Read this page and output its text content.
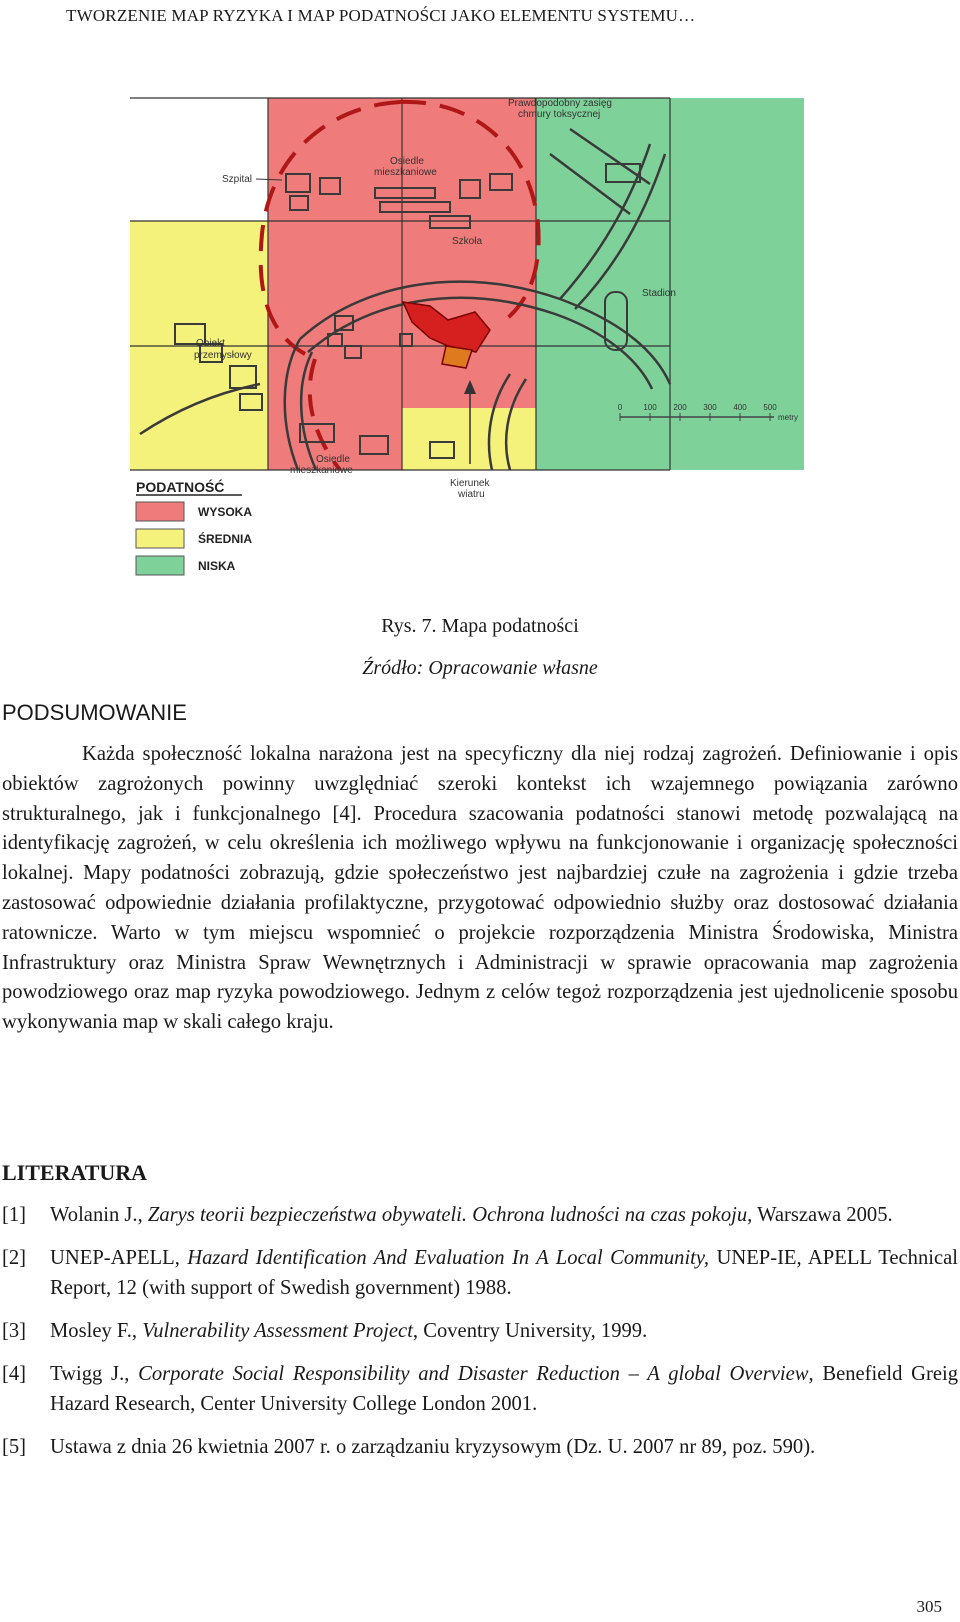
TWORZENIE MAP RYZYKA I MAP PODATNOŚCI JAKO ELEMENTU SYSTEMU…
Szpital
Osiedle
mieszkaniowe
Szkoła
Prawdopodobny zasięg
chmury toksycznej
Stadion
Obiekt
przemysłowy
Osiedle
mieszkaniowe
Kierunek
wiatru
0	100 200 300 400 500
metry
PODATNOŚĆ
WYSOKA
ŚREDNIA
NISKA
Rys. 7. Mapa podatności
Źródło: Opracowanie własne
PODSUMOWANIE

Każda społeczność lokalna narażona jest na specyficzny dla niej rodzaj zagrożeń. Definiowanie i opis obiektów zagrożonych powinny uwzględniać szeroki kontekst ich wzajemnego powiązania zarówno strukturalnego, jak i funkcjonalnego [4]. Procedura szacowania podatności stanowi metodę pozwalającą na identyfikację zagrożeń, w celu określenia ich możliwego wpływu na funkcjonowanie i organizację społeczności lokalnej. Mapy podatności zobrazują, gdzie społeczeństwo jest najbardziej czułe na zagrożenia i gdzie trzeba zastosować odpowiednie działania profilaktyczne, przygotować odpowiednio służby oraz dostosować działania ratownicze. Warto w tym miejscu wspomnieć o projekcie rozporządzenia Ministra Środowiska, Ministra Infrastruktury oraz Ministra Spraw Wewnętrznych i Administracji w sprawie opracowania map zagrożenia powodziowego oraz map ryzyka powodziowego. Jednym z celów tegoż rozporządzenia jest ujednolicenie sposobu wykonywania map w skali całego kraju.

LITERATURA
[1] Wolanin J., Zarys teorii bezpieczeństwa obywateli. Ochrona ludności na czas pokoju, Warszawa 2005.
[2] UNEP-APELL, Hazard Identification And Evaluation In A Local Community, UNEP-IE, APELL Technical Report, 12 (with support of Swedish government) 1988.
[3] Mosley F., Vulnerability Assessment Project, Coventry University, 1999.
[4] Twigg J., Corporate Social Responsibility and Disaster Reduction – A global Overview, Benefield Greig Hazard Research, Center University College London 2001.
[5] Ustawa z dnia 26 kwietnia 2007 r. o zarządzaniu kryzysowym (Dz. U. 2007 nr 89, poz. 590).
305
